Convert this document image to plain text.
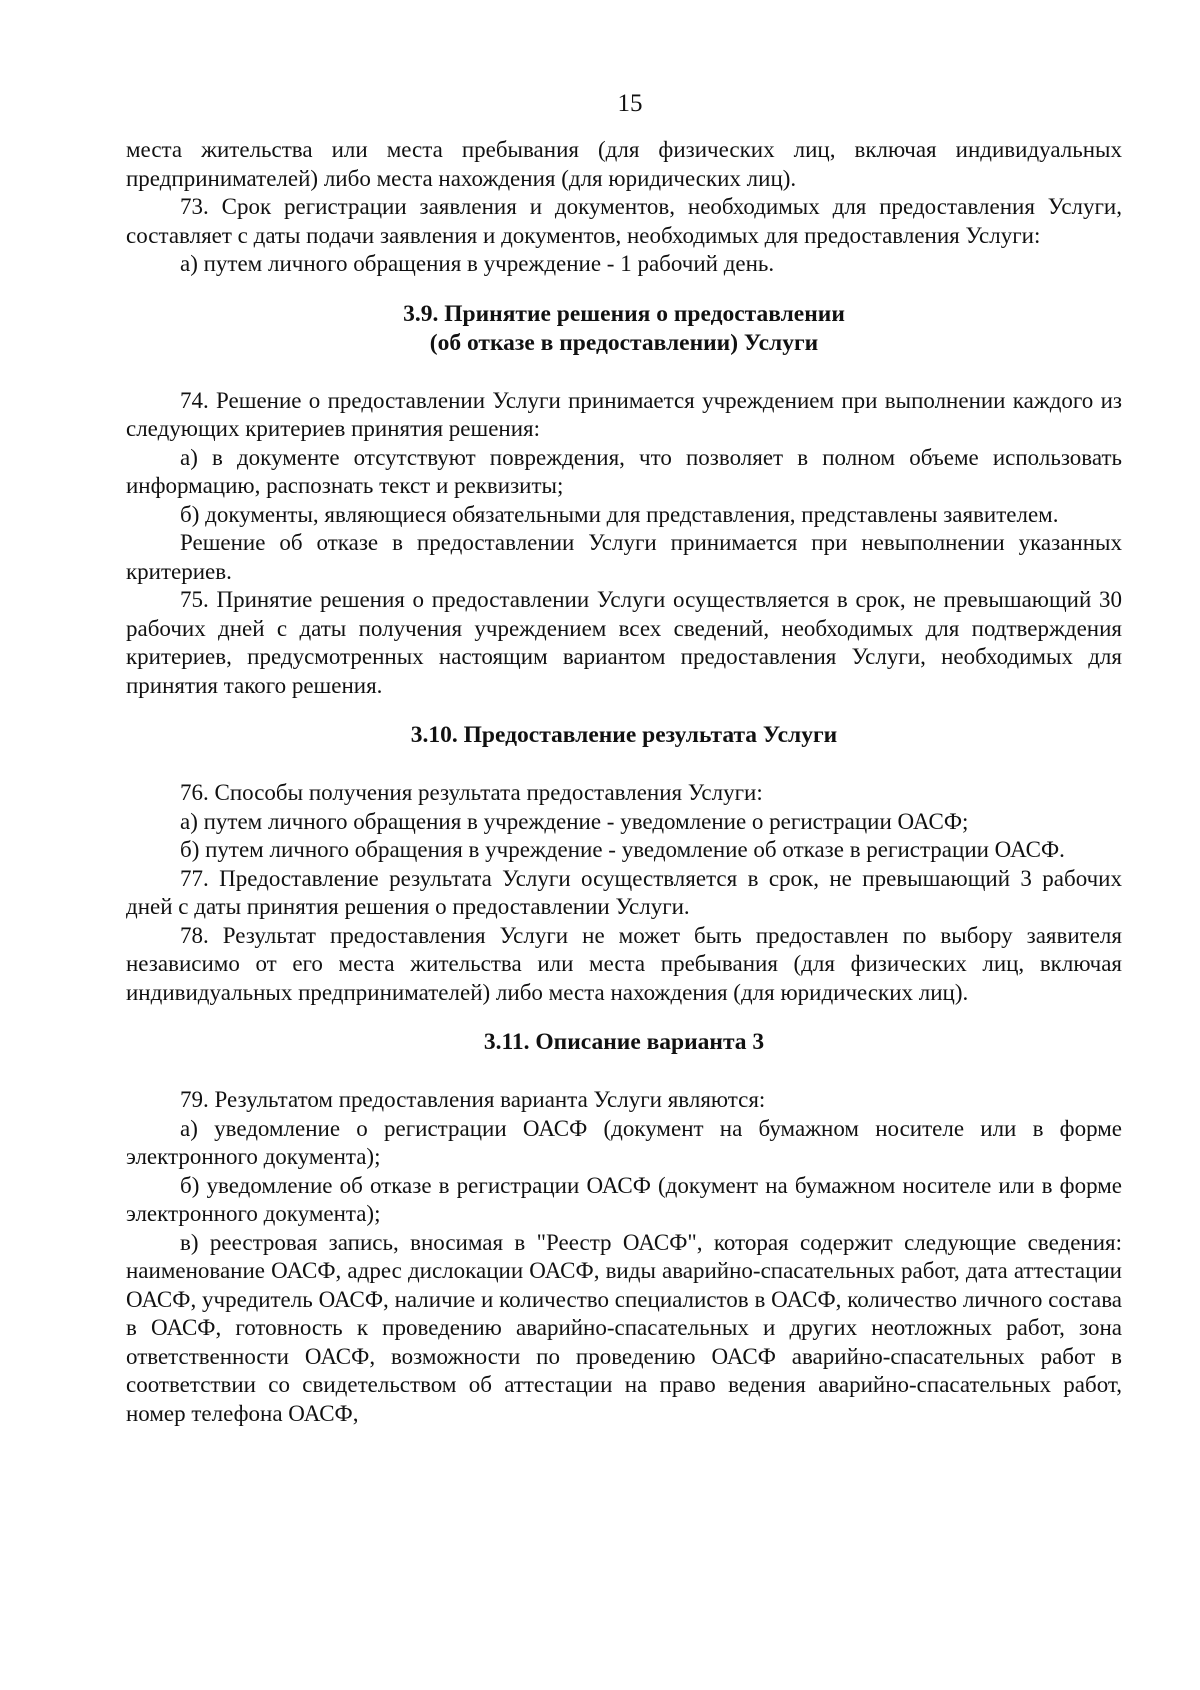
15

места жительства или места пребывания (для физических лиц, включая индивидуальных предпринимателей) либо места нахождения (для юридических лиц).

73. Срок регистрации заявления и документов, необходимых для предоставления Услуги, составляет с даты подачи заявления и документов, необходимых для предоставления Услуги:

а) путем личного обращения в учреждение - 1 рабочий день.

3.9. Принятие решения о предоставлении
(об отказе в предоставлении) Услуги

74. Решение о предоставлении Услуги принимается учреждением при выполнении каждого из следующих критериев принятия решения:

а) в документе отсутствуют повреждения, что позволяет в полном объеме использовать информацию, распознать текст и реквизиты;

б) документы, являющиеся обязательными для представления, представлены заявителем.

Решение об отказе в предоставлении Услуги принимается при невыполнении указанных критериев.

75. Принятие решения о предоставлении Услуги осуществляется в срок, не превышающий 30 рабочих дней с даты получения учреждением всех сведений, необходимых для подтверждения критериев, предусмотренных настоящим вариантом предоставления Услуги, необходимых для принятия такого решения.

3.10. Предоставление результата Услуги

76. Способы получения результата предоставления Услуги:

а) путем личного обращения в учреждение - уведомление о регистрации ОАСФ;

б) путем личного обращения в учреждение - уведомление об отказе в регистрации ОАСФ.

77. Предоставление результата Услуги осуществляется в срок, не превышающий 3 рабочих дней с даты принятия решения о предоставлении Услуги.

78. Результат предоставления Услуги не может быть предоставлен по выбору заявителя независимо от его места жительства или места пребывания (для физических лиц, включая индивидуальных предпринимателей) либо места нахождения (для юридических лиц).

3.11. Описание варианта 3

79. Результатом предоставления варианта Услуги являются:

а) уведомление о регистрации ОАСФ (документ на бумажном носителе или в форме электронного документа);

б) уведомление об отказе в регистрации ОАСФ (документ на бумажном носителе или в форме электронного документа);

в) реестровая запись, вносимая в "Реестр ОАСФ", которая содержит следующие сведения: наименование ОАСФ, адрес дислокации ОАСФ, виды аварийно-спасательных работ, дата аттестации ОАСФ, учредитель ОАСФ, наличие и количество специалистов в ОАСФ, количество личного состава в ОАСФ, готовность к проведению аварийно-спасательных и других неотложных работ, зона ответственности ОАСФ, возможности по проведению ОАСФ аварийно-спасательных работ в соответствии со свидетельством об аттестации на право ведения аварийно-спасательных работ, номер телефона ОАСФ,
